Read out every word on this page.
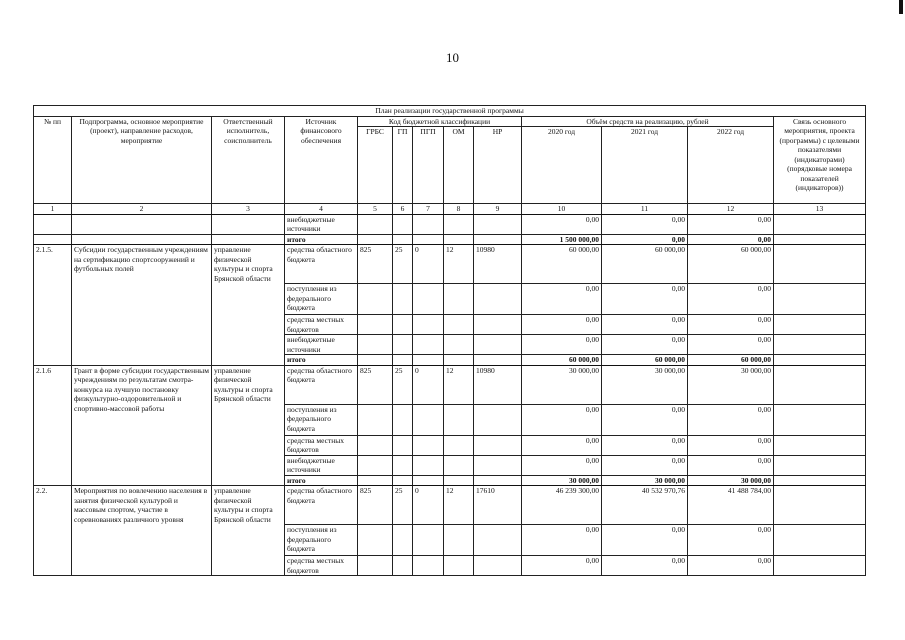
10
План реализации государственной программы												
№ пп	Подпрограмма, основное мероприятие (проект), направление расходов, мероприятие	Ответственный исполнитель, соисполнитель	Источник финансового обеспечения	Код бюджетной классификации					Объём средств на реализацию, рублей			Связь основного мероприятия, проекта (программы) с целевыми показателями (индикаторами) (порядковые номера показателей (индикаторов))
				ГРБС	ГП	ПГП	ОМ	НР	2020 год	2021 год	2022 год	
1	2	3	4	5	6	7	8	9	10	11	12	13
			внебюджетные источники						0,00	0,00	0,00	
			итого						1 500 000,00	0,00	0,00	
2.1.5.	Субсидии государственным учреждениям на сертификацию спортсооружений и футбольных полей	управление физической культуры и спорта Брянской области	средства областного бюджета	825	25	0	12	10980	60 000,00	60 000,00	60 000,00	
			поступления из федерального бюджета						0,00	0,00	0,00	
			средства местных бюджетов						0,00	0,00	0,00	
			внебюджетные источники						0,00	0,00	0,00	
			итого						60 000,00	60 000,00	60 000,00	
2.1.6	Грант в форме субсидии государственным учреждениям по результатам смотра-конкурса на лучшую постановку физкультурно-оздоровительной и спортивно-массовой работы	управление физической культуры и спорта Брянской области	средства областного бюджета	825	25	0	12	10980	30 000,00	30 000,00	30 000,00	
			поступления из федерального бюджета						0,00	0,00	0,00	
			средства местных бюджетов						0,00	0,00	0,00	
			внебюджетные источники						0,00	0,00	0,00	
			итого						30 000,00	30 000,00	30 000,00	
2.2.	Мероприятия по вовлечению населения в занятия физической культурой и массовым спортом, участие в соревнованиях различного уровня	управление физической культуры и спорта Брянской области	средства областного бюджета	825	25	0	12	17610	46 239 300,00	40 532 970,76	41 488 784,00	
			поступления из федерального бюджета						0,00	0,00	0,00	
			средства местных бюджетов						0,00	0,00	0,00	
